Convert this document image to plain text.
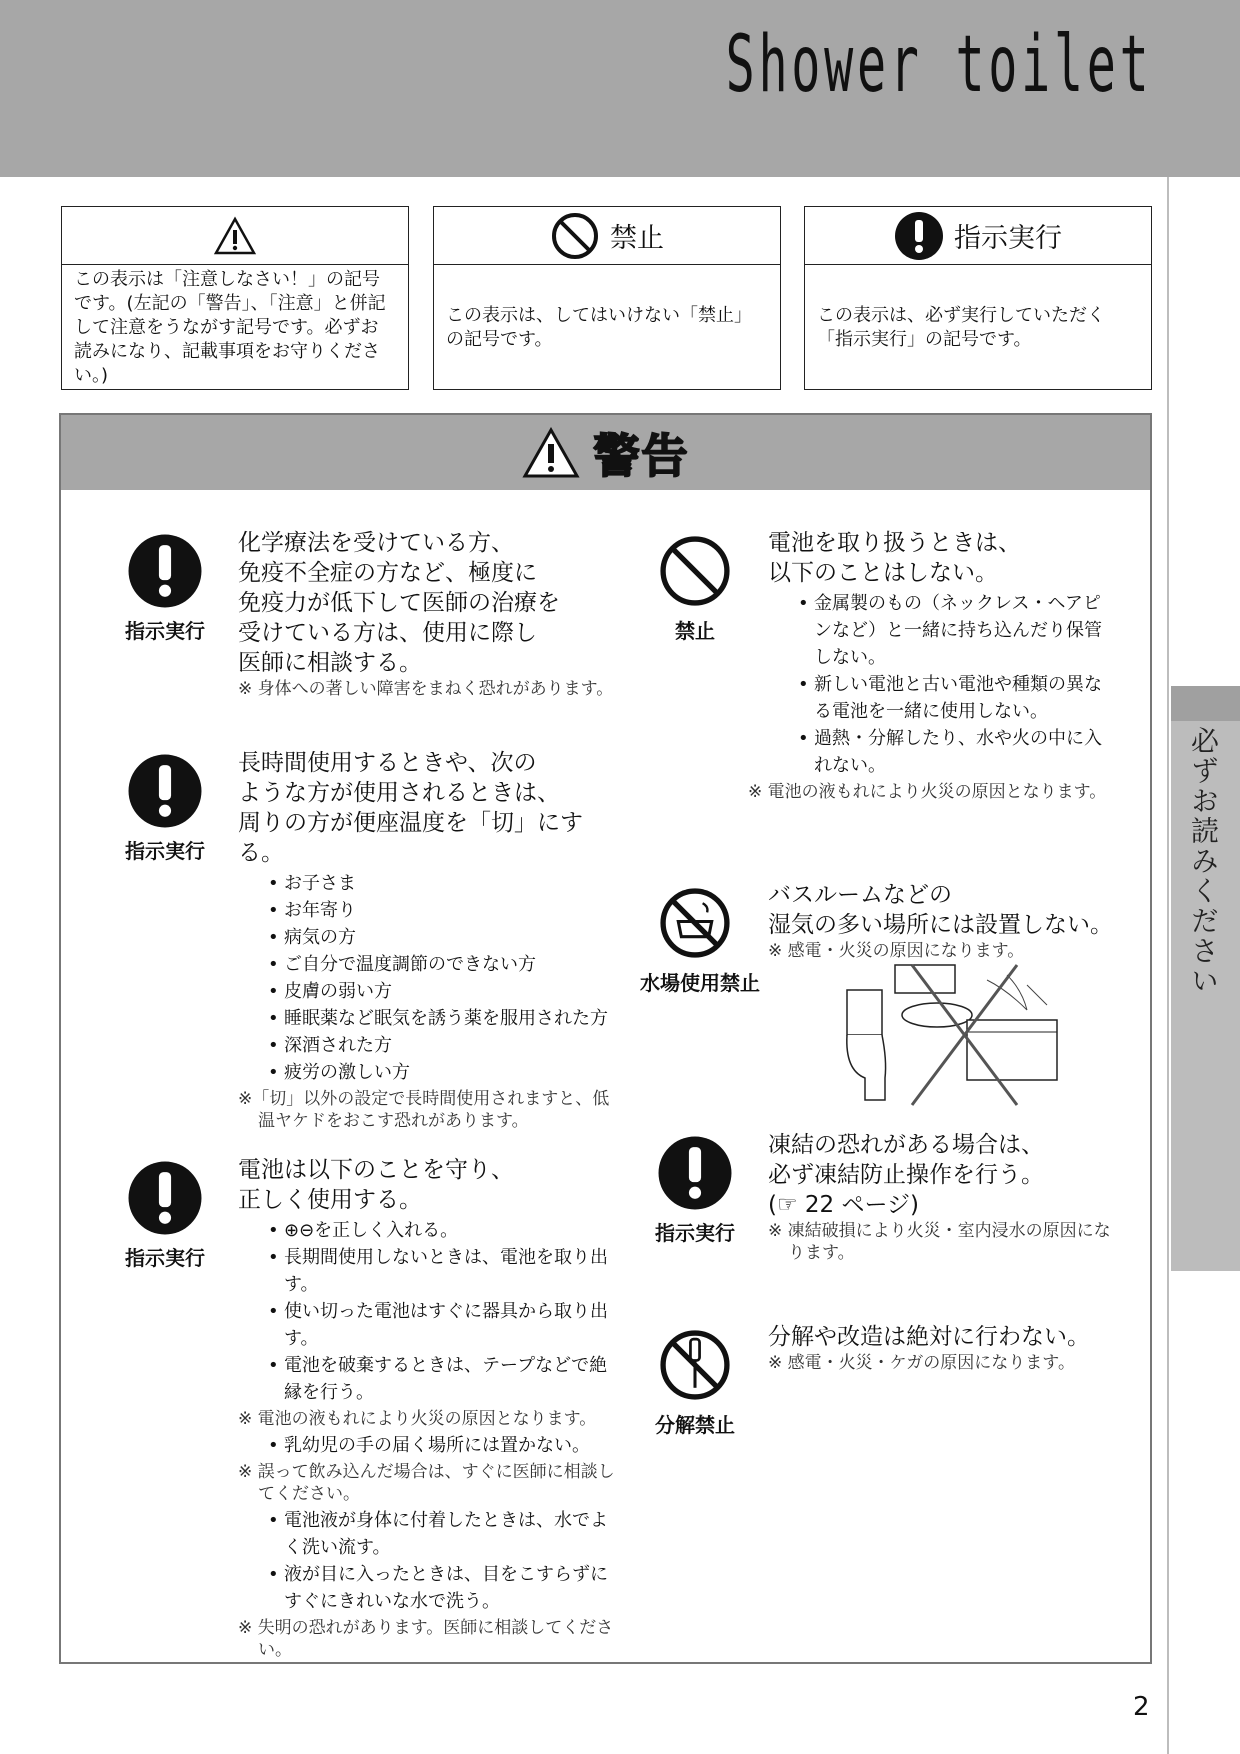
Shower toilet
必ずお読みください
この表示は「注意しなさい！」の記号です。(左記の「警告」、「注意」と併記して注意をうながす記号です。必ずお読みになり、記載事項をお守りください。)
禁止
この表示は、してはいけない「禁止」の記号です。
指示実行
この表示は、必ず実行していただく「指示実行」の記号です。
警告
指示実行
化学療法を受けている方、
免疫不全症の方など、極度に
免疫力が低下して医師の治療を
受けている方は、使用に際し
医師に相談する。
※ 身体への著しい障害をまねく恐れがあります。
指示実行
長時間使用するときや、次の
ような方が使用されるときは、
周りの方が便座温度を「切」にする。
• お子さま
• お年寄り
• 病気の方
• ご自分で温度調節のできない方
• 皮膚の弱い方
• 睡眠薬など眠気を誘う薬を服用された方
• 深酒された方
• 疲労の激しい方
※「切」以外の設定で長時間使用されますと、低温ヤケドをおこす恐れがあります。
指示実行
電池は以下のことを守り、
正しく使用する。
• ⊕⊖を正しく入れる。
• 長期間使用しないときは、電池を取り出す。
• 使い切った電池はすぐに器具から取り出す。
• 電池を破棄するときは、テープなどで絶縁を行う。
※ 電池の液もれにより火災の原因となります。
• 乳幼児の手の届く場所には置かない。
※ 誤って飲み込んだ場合は、すぐに医師に相談してください。
• 電池液が身体に付着したときは、水でよく洗い流す。
• 液が目に入ったときは、目をこすらずにすぐにきれいな水で洗う。
※ 失明の恐れがあります。医師に相談してください。
禁止
電池を取り扱うときは、
以下のことはしない。
• 金属製のもの（ネックレス・ヘアピンなど）と一緒に持ち込んだり保管しない。
• 新しい電池と古い電池や種類の異なる電池を一緒に使用しない。
• 過熱・分解したり、水や火の中に入れない。
※ 電池の液もれにより火災の原因となります。
水場使用禁止
バスルームなどの
湿気の多い場所には設置しない。
※ 感電・火災の原因になります。
指示実行
凍結の恐れがある場合は、
必ず凍結防止操作を行う。
(☞ 22 ページ)
※ 凍結破損により火災・室内浸水の原因になります。
分解禁止
分解や改造は絶対に行わない。
※ 感電・火災・ケガの原因になります。
2
